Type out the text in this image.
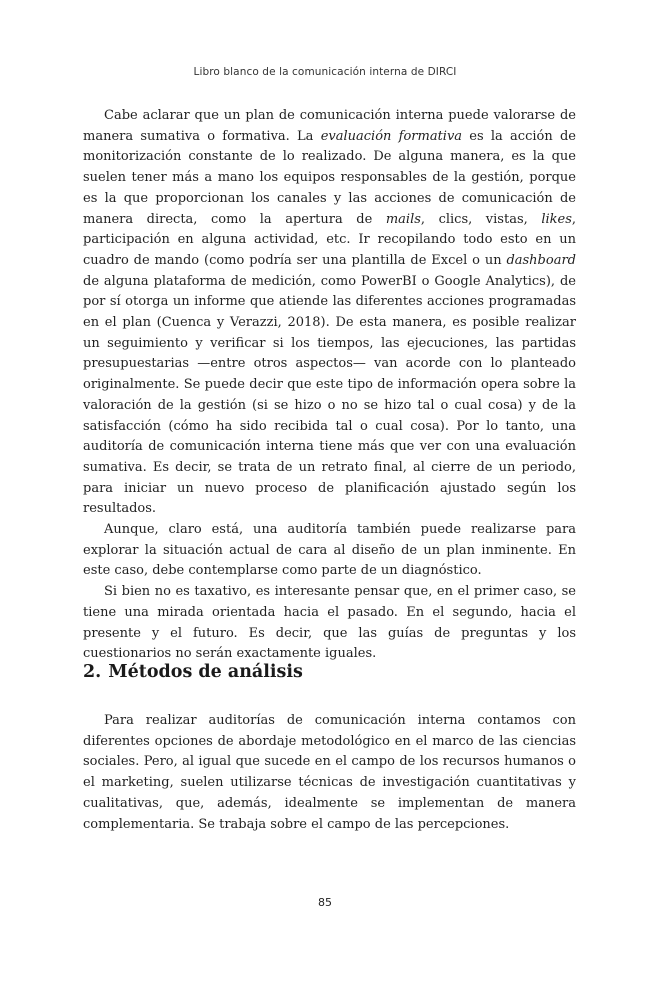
Libro blanco de la comunicación interna de DIRCI

Cabe aclarar que un plan de comunicación interna puede valorarse de manera sumativa o formativa. La evaluación formativa es la acción de monitorización constante de lo realizado. De alguna manera, es la que suelen tener más a mano los equipos responsables de la gestión, porque es la que proporcionan los canales y las acciones de comunicación de manera directa, como la apertura de mails, clics, vistas, likes, participación en alguna actividad, etc. Ir recopilando todo esto en un cuadro de mando (como podría ser una plantilla de Excel o un dashboard de alguna plataforma de medición, como PowerBI o Google Analytics), de por sí otorga un informe que atiende las diferentes acciones programadas en el plan (Cuenca y Verazzi, 2018). De esta manera, es posible realizar un seguimiento y verificar si los tiempos, las ejecuciones, las partidas presupuestarias —entre otros aspectos— van acorde con lo planteado originalmente. Se puede decir que este tipo de información opera sobre la valoración de la gestión (si se hizo o no se hizo tal o cual cosa) y de la satisfacción (cómo ha sido recibida tal o cual cosa). Por lo tanto, una auditoría de comunicación interna tiene más que ver con una evaluación sumativa. Es decir, se trata de un retrato final, al cierre de un periodo, para iniciar un nuevo proceso de planificación ajustado según los resultados.

Aunque, claro está, una auditoría también puede realizarse para explorar la situación actual de cara al diseño de un plan inminente. En este caso, debe contemplarse como parte de un diagnóstico.

Si bien no es taxativo, es interesante pensar que, en el primer caso, se tiene una mirada orientada hacia el pasado. En el segundo, hacia el presente y el futuro. Es decir, que las guías de preguntas y los cuestionarios no serán exactamente iguales.

2. Métodos de análisis

Para realizar auditorías de comunicación interna contamos con diferentes opciones de abordaje metodológico en el marco de las ciencias sociales. Pero, al igual que sucede en el campo de los recursos humanos o el marketing, suelen utilizarse técnicas de investigación cuantitativas y cualitativas, que, además, idealmente se implementan de manera complementaria. Se trabaja sobre el campo de las percepciones.

85
